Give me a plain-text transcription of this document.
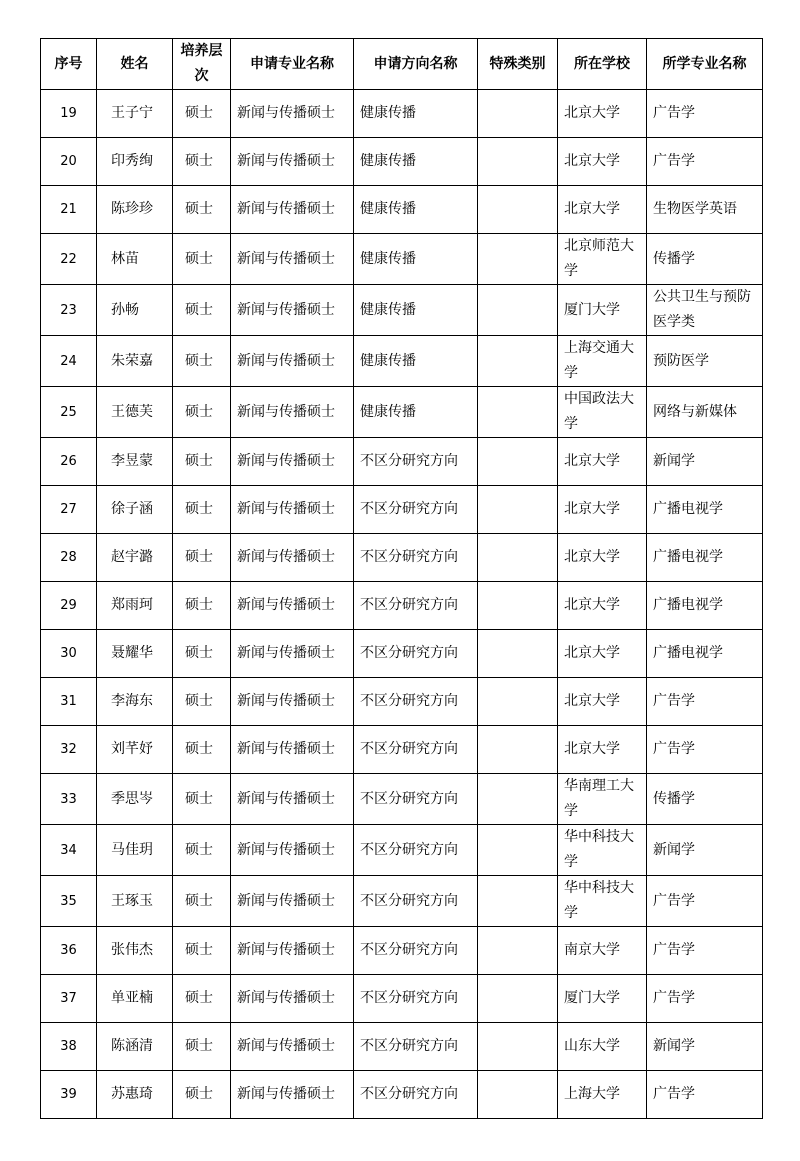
序号	姓名	培养层次	申请专业名称	申请方向名称	特殊类别	所在学校	所学专业名称
19	王子宁	硕士	新闻与传播硕士	健康传播		北京大学	广告学
20	印秀绚	硕士	新闻与传播硕士	健康传播		北京大学	广告学
21	陈珍珍	硕士	新闻与传播硕士	健康传播		北京大学	生物医学英语
22	林苗	硕士	新闻与传播硕士	健康传播		北京师范大学	传播学
23	孙畅	硕士	新闻与传播硕士	健康传播		厦门大学	公共卫生与预防医学类
24	朱荣嘉	硕士	新闻与传播硕士	健康传播		上海交通大学	预防医学
25	王德芙	硕士	新闻与传播硕士	健康传播		中国政法大学	网络与新媒体
26	李昱蒙	硕士	新闻与传播硕士	不区分研究方向		北京大学	新闻学
27	徐子涵	硕士	新闻与传播硕士	不区分研究方向		北京大学	广播电视学
28	赵宇潞	硕士	新闻与传播硕士	不区分研究方向		北京大学	广播电视学
29	郑雨珂	硕士	新闻与传播硕士	不区分研究方向		北京大学	广播电视学
30	聂耀华	硕士	新闻与传播硕士	不区分研究方向		北京大学	广播电视学
31	李海东	硕士	新闻与传播硕士	不区分研究方向		北京大学	广告学
32	刘芊妤	硕士	新闻与传播硕士	不区分研究方向		北京大学	广告学
33	季思岑	硕士	新闻与传播硕士	不区分研究方向		华南理工大学	传播学
34	马佳玥	硕士	新闻与传播硕士	不区分研究方向		华中科技大学	新闻学
35	王琢玉	硕士	新闻与传播硕士	不区分研究方向		华中科技大学	广告学
36	张伟杰	硕士	新闻与传播硕士	不区分研究方向		南京大学	广告学
37	单亚楠	硕士	新闻与传播硕士	不区分研究方向		厦门大学	广告学
38	陈涵清	硕士	新闻与传播硕士	不区分研究方向		山东大学	新闻学
39	苏惠琦	硕士	新闻与传播硕士	不区分研究方向		上海大学	广告学
